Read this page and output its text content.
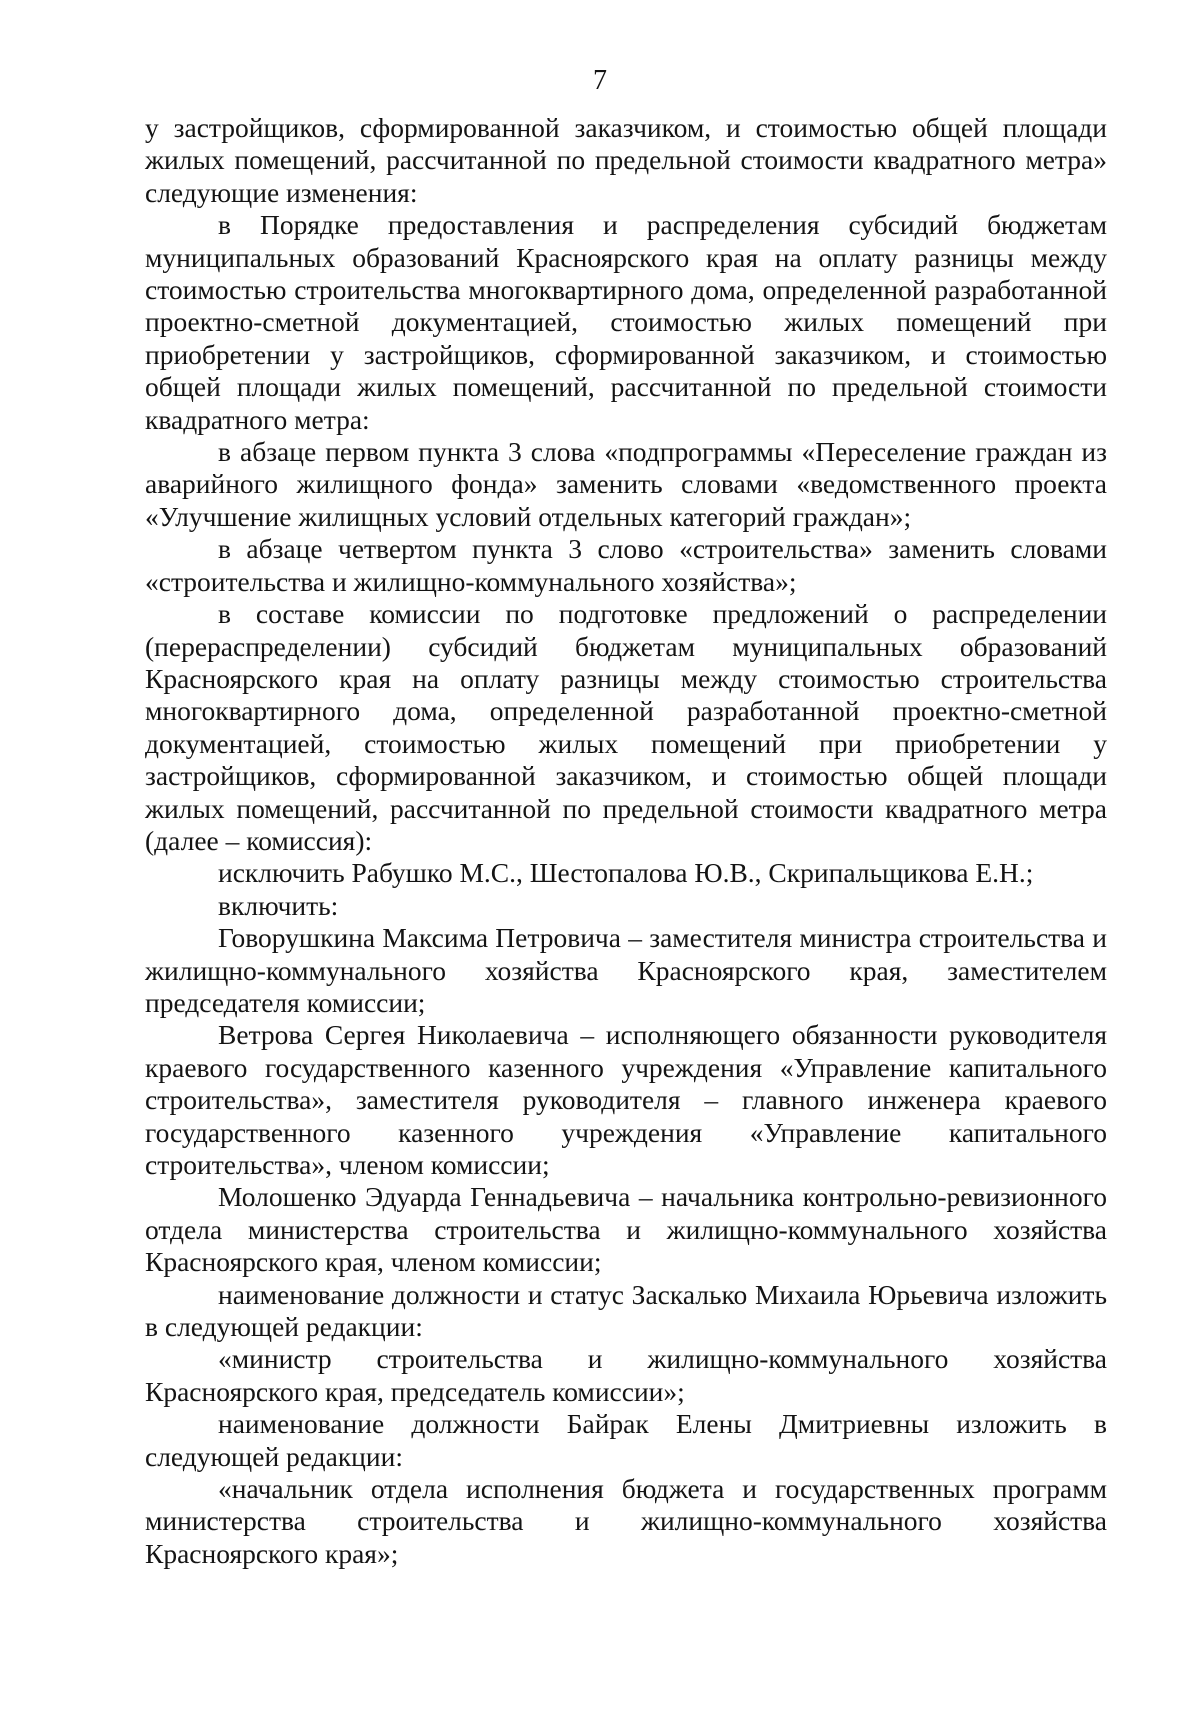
7

у застройщиков, сформированной заказчиком, и стоимостью общей площади жилых помещений, рассчитанной по предельной стоимости квадратного метра» следующие изменения:

в Порядке предоставления и распределения субсидий бюджетам муниципальных образований Красноярского края на оплату разницы между стоимостью строительства многоквартирного дома, определенной разработанной проектно-сметной документацией, стоимостью жилых помещений при приобретении у застройщиков, сформированной заказчиком, и стоимостью общей площади жилых помещений, рассчитанной по предельной стоимости квадратного метра:

в абзаце первом пункта 3 слова «подпрограммы «Переселение граждан из аварийного жилищного фонда» заменить словами «ведомственного проекта «Улучшение жилищных условий отдельных категорий граждан»;

в абзаце четвертом пункта 3 слово «строительства» заменить словами «строительства и жилищно-коммунального хозяйства»;

в составе комиссии по подготовке предложений о распределении (перераспределении) субсидий бюджетам муниципальных образований Красноярского края на оплату разницы между стоимостью строительства многоквартирного дома, определенной разработанной проектно-сметной документацией, стоимостью жилых помещений при приобретении у застройщиков, сформированной заказчиком, и стоимостью общей площади жилых помещений, рассчитанной по предельной стоимости квадратного метра (далее – комиссия):

исключить Рабушко М.С., Шестопалова Ю.В., Скрипальщикова Е.Н.;

включить:

Говорушкина Максима Петровича – заместителя министра строительства и жилищно-коммунального хозяйства Красноярского края, заместителем председателя комиссии;

Ветрова Сергея Николаевича – исполняющего обязанности руководителя краевого государственного казенного учреждения «Управление капитального строительства», заместителя руководителя – главного инженера краевого государственного казенного учреждения «Управление капитального строительства», членом комиссии;

Молошенко Эдуарда Геннадьевича – начальника контрольно-ревизионного отдела министерства строительства и жилищно-коммунального хозяйства Красноярского края, членом комиссии;

наименование должности и статус Заскалько Михаила Юрьевича изложить в следующей редакции:

«министр строительства и жилищно-коммунального хозяйства Красноярского края, председатель комиссии»;

наименование должности Байрак Елены Дмитриевны изложить в следующей редакции:

«начальник отдела исполнения бюджета и государственных программ министерства строительства и жилищно-коммунального хозяйства Красноярского края»;
